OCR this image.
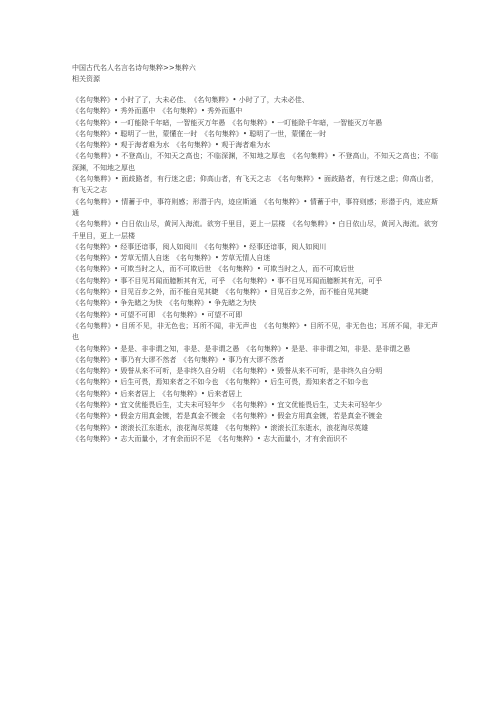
中国古代名人名言名诗句集粹>>集粹六

相关资源

《名句集粹》• 小时了了，大未必佳、　《名句集粹》• 小时了了，大未必佳、
《名句集粹》• 秀外而惠中　《名句集粹》• 秀外而惠中
《名句集粹》• 一叮能除千年暗，一智能灭万年愚　《名句集粹》• 一叮能除千年暗，一智能灭万年愚
《名句集粹》• 聪明了一世，蒙懂在一时　《名句集粹》• 聪明了一世，蒙懂在一时
《名句集粹》• 观于海者难为水　《名句集粹》• 观于海者难为水
《名句集粹》• 不登高山，不知天之高也；不临深渊，不知地之厚也　《名句集粹》• 不登高山，不知天之高也；不临深渊，不知地之厚也
《名句集粹》• 面歧路者，有行迷之虑；仰高山者，有飞天之志　《名句集粹》• 面歧路者，有行迷之虑；仰高山者，有飞天之志
《名句集粹》• 情蓄于中，事符则感；形潜于内，迹应斯通　《名句集粹》• 情蓄于中，事符则感；形潜于内，迹应斯通
《名句集粹》• 白日依山尽，黄河入海流。欲穷千里目，更上一层楼　《名句集粹》• 白日依山尽，黄河入海流。欲穷千里目，更上一层楼
《名句集粹》• 经事还谙事，阅人如阅川　《名句集粹》• 经事还谙事，阅人如阅川
《名句集粹》• 芳草无情人自迷　《名句集粹》• 芳草无情人自迷
《名句集粹》• 可欺当时之人，而不可欺后世　《名句集粹》• 可欺当时之人，而不可欺后世
《名句集粹》• 事不目见耳闻而臆断其有无，可乎　《名句集粹》• 事不目见耳闻而臆断其有无，可乎
《名句集粹》• 目见百步之外，而不能自见其睫　《名句集粹》• 目见百步之外，而不能自见其睫
《名句集粹》• 争先睹之为快　《名句集粹》• 争先睹之为快
《名句集粹》• 可望不可即　《名句集粹》• 可望不可即
《名句集粹》• 目所不见，非无色也；耳所不闻，非无声也　《名句集粹》• 目所不见，非无色也；耳所不闻，非无声也
《名句集粹》• 是是、非非谓之知，非是、是非谓之愚　《名句集粹》• 是是、非非谓之知，非是、是非谓之愚
《名句集粹》• 事乃有大谬不然者　《名句集粹》• 事乃有大谬不然者
《名句集粹》• 毁誉从来不可听，是非终久自分明　《名句集粹》• 毁誉从来不可听，是非终久自分明
《名句集粹》• 后生可畏，焉知来者之不如今也　《名句集粹》• 后生可畏，焉知来者之不如今也
《名句集粹》• 后来者居上　《名句集粹》• 后来者居上
《名句集粹》• 宜文优能畏后生，丈夫未可轻年少　《名句集粹》• 宜文优能畏后生，丈夫未可轻年少
《名句集粹》• 假金方用真金镀，若是真金不镀金　《名句集粹》• 假金方用真金镀，若是真金不镀金
《名句集粹》• 滚滚长江东逝水，浪花淘尽英雄　《名句集粹》• 滚滚长江东逝水，浪花淘尽英雄
《名句集粹》• 志大而量小，才有余而识不足　《名句集粹》• 志大而量小，才有余而识不
